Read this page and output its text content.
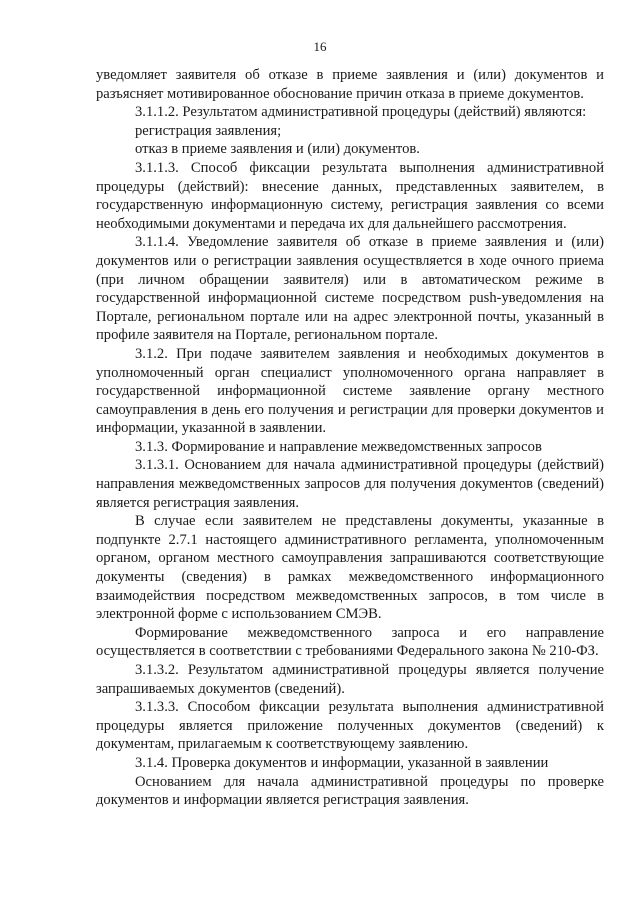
16

уведомляет заявителя об отказе в приеме заявления и (или) документов и разъясняет мотивированное обоснование причин отказа в приеме документов.

3.1.1.2. Результатом административной процедуры (действий) являются:

регистрация заявления;

отказ в приеме заявления и (или) документов.

3.1.1.3. Способ фиксации результата выполнения административной процедуры (действий): внесение данных, представленных заявителем, в государственную информационную систему, регистрация заявления со всеми необходимыми документами и передача их для дальнейшего рассмотрения.

3.1.1.4. Уведомление заявителя об отказе в приеме заявления и (или) документов или о регистрации заявления осуществляется в ходе очного приема (при личном обращении заявителя) или в автоматическом режиме в государственной информационной системе посредством push-уведомления на Портале, региональном портале или на адрес электронной почты, указанный в профиле заявителя на Портале, региональном портале.

3.1.2. При подаче заявителем заявления и необходимых документов в уполномоченный орган специалист уполномоченного органа направляет в государственной информационной системе заявление органу местного самоуправления в день его получения и регистрации для проверки документов и информации, указанной в заявлении.

3.1.3. Формирование и направление межведомственных запросов

3.1.3.1. Основанием для начала административной процедуры (действий) направления межведомственных запросов для получения документов (сведений) является регистрация заявления.

В случае если заявителем не представлены документы, указанные в подпункте 2.7.1 настоящего административного регламента, уполномоченным органом, органом местного самоуправления запрашиваются соответствующие документы (сведения) в рамках межведомственного информационного взаимодействия посредством межведомственных запросов, в том числе в электронной форме с использованием СМЭВ.

Формирование межведомственного запроса и его направление осуществляется в соответствии с требованиями Федерального закона № 210-ФЗ.

3.1.3.2. Результатом административной процедуры является получение запрашиваемых документов (сведений).

3.1.3.3. Способом фиксации результата выполнения административной процедуры является приложение полученных документов (сведений) к документам, прилагаемым к соответствующему заявлению.

3.1.4. Проверка документов и информации, указанной в заявлении

Основанием для начала административной процедуры по проверке документов и информации является регистрация заявления.
